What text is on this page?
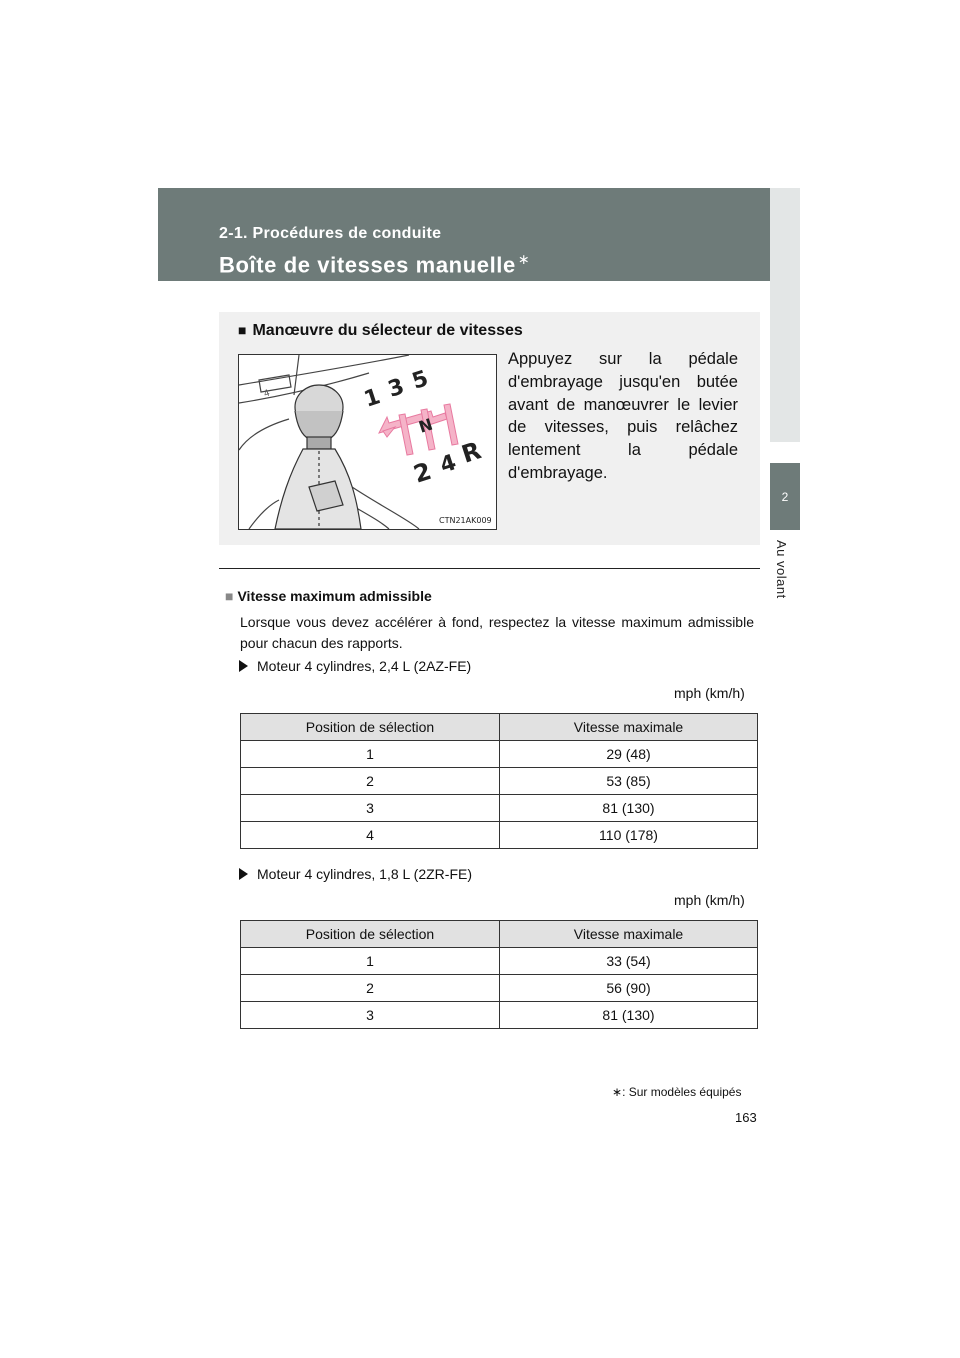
2-1. Procédures de conduite
Boîte de vitesses manuelle ∗
2
Au volant
■ Manœuvre du sélecteur de vitesses
4	1 3 5
N
2 4
R
CTN21AK009
Appuyez sur la pédale d'embrayage jusqu'en butée avant de manœuvrer le levier de vitesses, puis relâchez lentement la pédale d'embrayage.
■ Vitesse maximum admissible
Lorsque vous devez accélérer à fond, respectez la vitesse maximum admissible pour chacun des rapports.
Moteur 4 cylindres, 2,4 L (2AZ-FE)
mph (km/h)
Position de sélection	Vitesse maximale
1	29 (48)
2	53 (85)
3	81 (130)
4	110 (178)
Moteur 4 cylindres, 1,8 L (2ZR-FE)
mph (km/h)
Position de sélection	Vitesse maximale
1	33 (54)
2	56 (90)
3	81 (130)
∗: Sur modèles équipés
163
